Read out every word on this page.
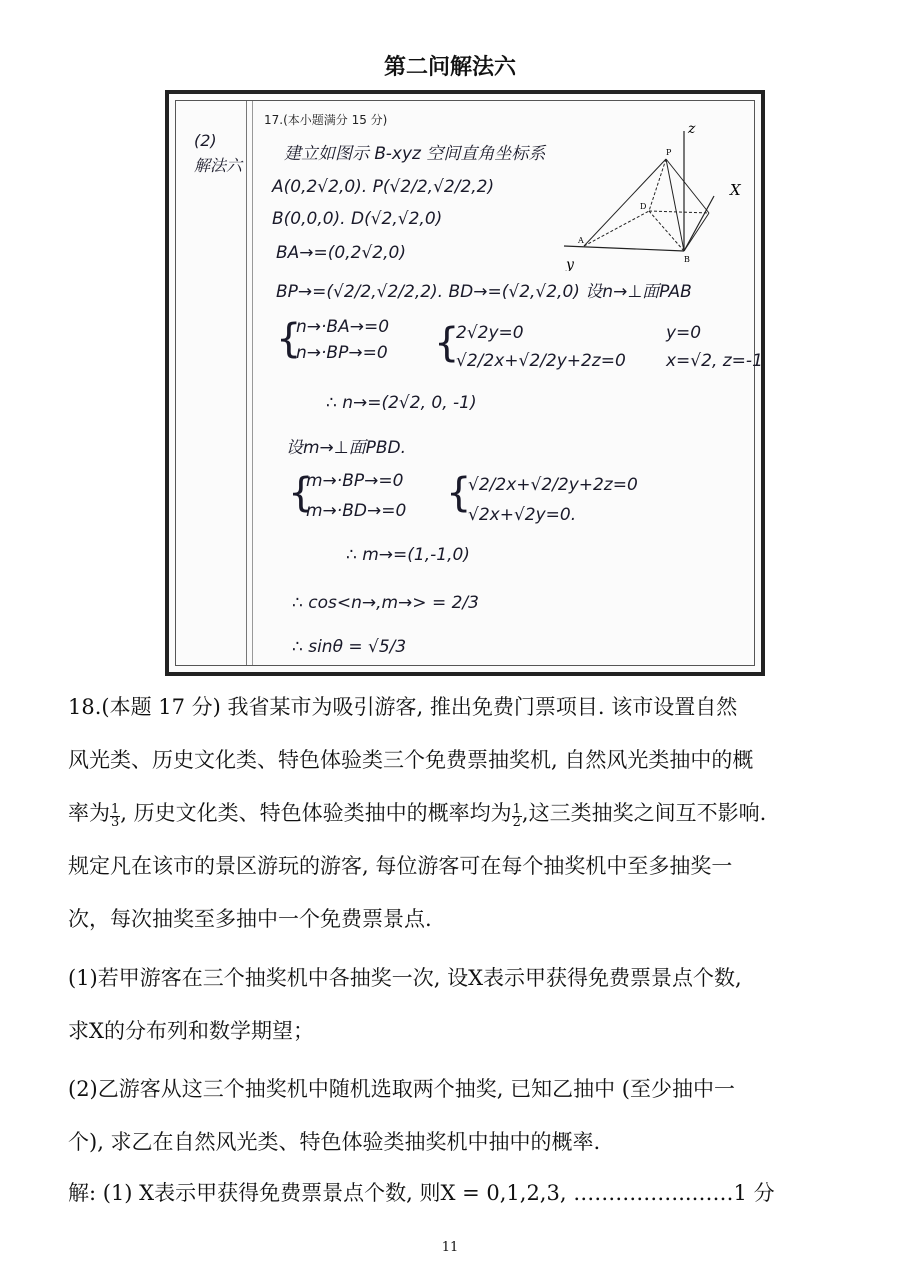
第二问解法六
17.(本小题满分 15 分)
(2)
解法六
z
X
y
P
D
A
B
建立如图示 B-xyz 空间直角坐标系
A(0,2√2,0). P(√2/2,√2/2,2)
B(0,0,0). D(√2,√2,0)
BA→=(0,2√2,0)
BP→=(√2/2,√2/2,2). BD→=(√2,√2,0) 设n→⊥面PAB
{
n→·BA→=0
n→·BP→=0 {
2√2y=0
√2/2x+√2/2y+2z=0
y=0
x=√2, z=-1
∴ n→=(2√2, 0, -1)
设m→⊥面PBD.
{
m→·BP→=0
m→·BD→=0 {
√2/2x+√2/2y+2z=0
√2x+√2y=0.
∴ m→=(1,-1,0)
∴ cos<n→,m→> = 2/3
∴ sinθ = √5/3
18.(本题 17 分) 我省某市为吸引游客, 推出免费门票项目. 该市设置自然
风光类、历史文化类、特色体验类三个免费票抽奖机, 自然风光类抽中的概
率为 $\frac{1}{3}$ , 历史文化类、特色体验类抽中的概率均为 $\frac{1}{2}$ ,这三类抽奖之间互不影响.
规定凡在该市的景区游玩的游客, 每位游客可在每个抽奖机中至多抽奖一
次，每次抽奖至多抽中一个免费票景点.
(1)若甲游客在三个抽奖机中各抽奖一次, 设X表示甲获得免费票景点个数,
求X的分布列和数学期望；
(2)乙游客从这三个抽奖机中随机选取两个抽奖, 已知乙抽中 (至少抽中一
个), 求乙在自然风光类、特色体验类抽奖机中抽中的概率.
解: (1) X表示甲获得免费票景点个数, 则X = 0,1,2,3, ……………..……1 分
11
